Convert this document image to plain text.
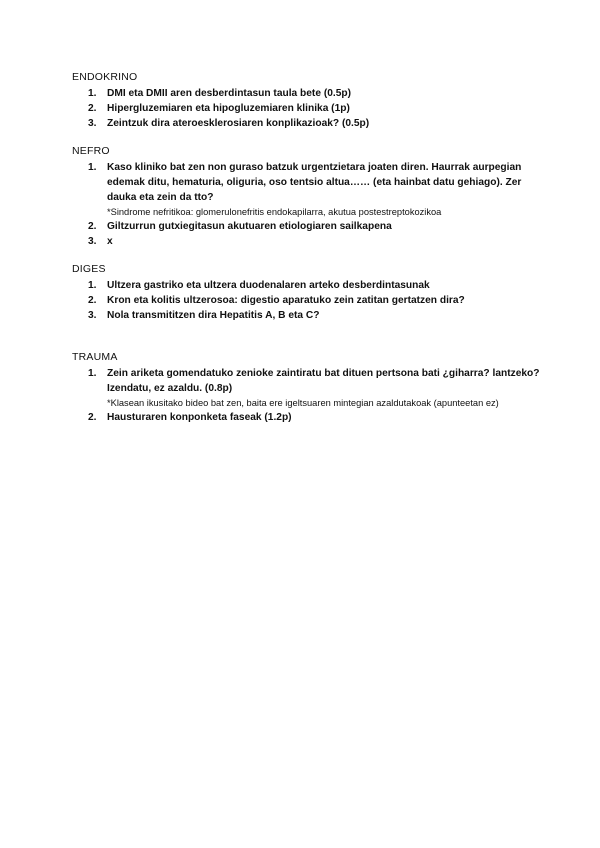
ENDOKRINO
1. DMI eta DMII aren desberdintasun taula bete (0.5p)
2. Hipergluzemiaren eta hipogluzemiaren klinika (1p)
3. Zeintzuk dira ateroesklerosiaren konplikazioak? (0.5p)
NEFRO
1. Kaso kliniko bat zen non guraso batzuk urgentzietara joaten diren. Haurrak aurpegian edemak ditu, hematuria, oliguria, oso tentsio altua…… (eta hainbat datu gehiago). Zer dauka eta zein da tto?
*Sindrome nefritikoa: glomerulonefritis endokapilarra, akutua postestreptokozikoa
2. Giltzurrun gutxiegitasun akutuaren etiologiaren sailkapena
3. x
DIGES
1. Ultzera gastriko eta ultzera duodenalaren arteko desberdintasunak
2. Kron eta kolitis ultzerosoa: digestio aparatuko zein zatitan gertatzen dira?
3. Nola transmititzen dira Hepatitis A, B eta C?
TRAUMA
1. Zein ariketa gomendatuko zenioke zaintiratu bat dituen pertsona bati ¿giharra? lantzeko? Izendatu, ez azaldu. (0.8p)
*Klasean ikusitako bideo bat zen, baita ere igeltsuaren mintegian azaldutakoak (apunteetan ez)
2. Hausturaren konponketa faseak (1.2p)
